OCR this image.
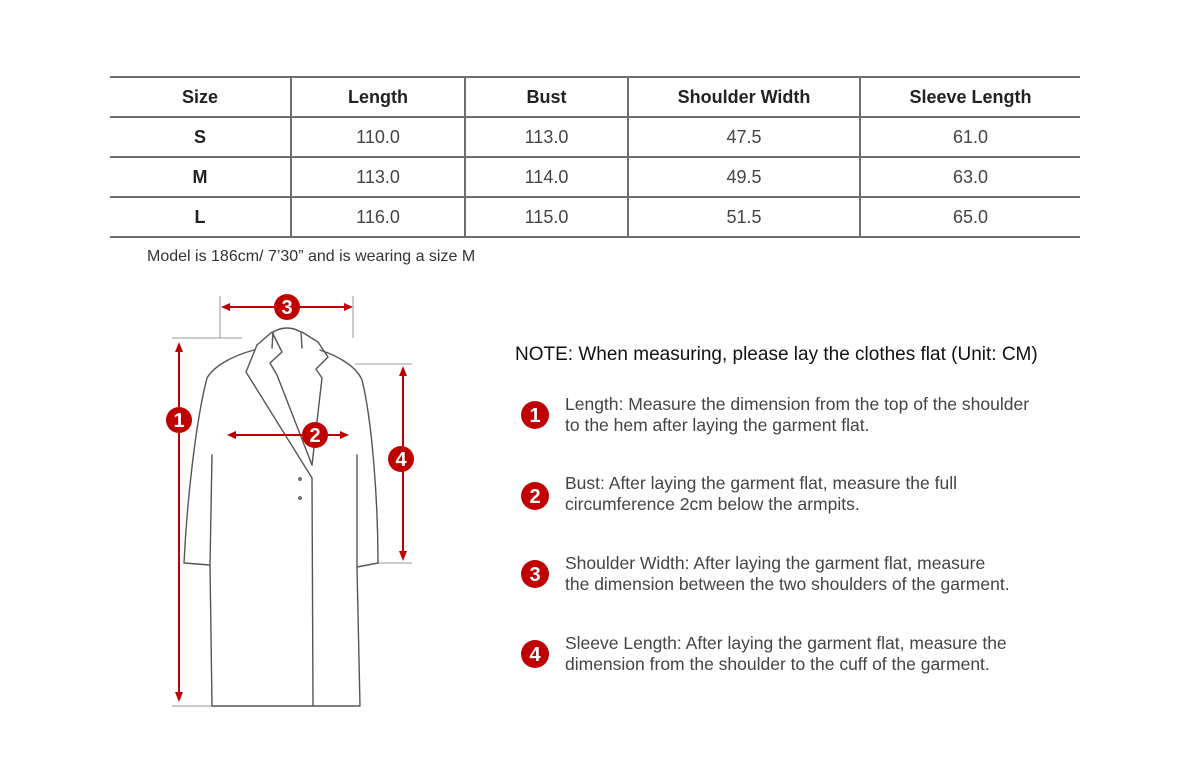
Size	Length	Bust	Shoulder Width	Sleeve Length
S	110.0	113.0	47.5	61.0
M	113.0	114.0	49.5	63.0
L	116.0	115.0	51.5	65.0
Model is 186cm/ 7’30” and is wearing a size M
3
2
1
4
NOTE: When measuring, please lay the clothes flat (Unit: CM)
1
Length: Measure the dimension from the top of the shoulder
to the hem after laying the garment flat.
2
Bust: After laying the garment flat, measure the full
circumference 2cm below the armpits.
3
Shoulder Width: After laying the garment flat, measure
the dimension between the two shoulders of the garment.
4
Sleeve Length: After laying the garment flat, measure the
dimension from the shoulder to the cuff of the garment.
